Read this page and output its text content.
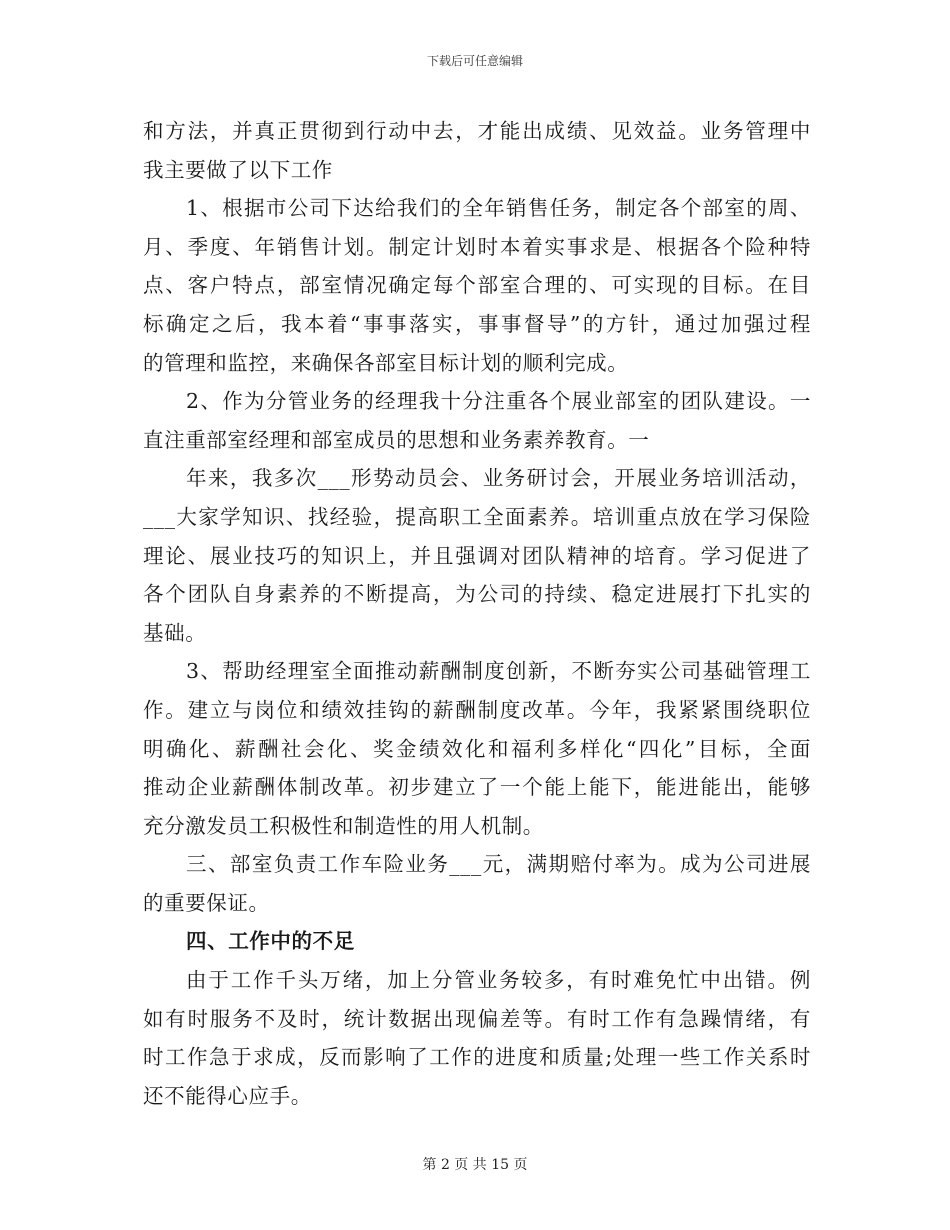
下载后可任意编辑
和方法，并真正贯彻到行动中去，才能出成绩、见效益。业务管理中
我主要做了以下工作
1、根据市公司下达给我们的全年销售任务，制定各个部室的周、
月、季度、年销售计划。制定计划时本着实事求是、根据各个险种特
点、客户特点，部室情况确定每个部室合理的、可实现的目标。在目
标确定之后，我本着“事事落实，事事督导”的方针，通过加强过程
的管理和监控，来确保各部室目标计划的顺利完成。
2、作为分管业务的经理我十分注重各个展业部室的团队建设。一
直注重部室经理和部室成员的思想和业务素养教育。一
年来，我多次___形势动员会、业务研讨会，开展业务培训活动，
___大家学知识、找经验，提高职工全面素养。培训重点放在学习保险
理论、展业技巧的知识上，并且强调对团队精神的培育。学习促进了
各个团队自身素养的不断提高，为公司的持续、稳定进展打下扎实的
基础。
3、帮助经理室全面推动薪酬制度创新，不断夯实公司基础管理工
作。建立与岗位和绩效挂钩的薪酬制度改革。今年，我紧紧围绕职位
明确化、薪酬社会化、奖金绩效化和福利多样化“四化”目标，全面
推动企业薪酬体制改革。初步建立了一个能上能下，能进能出，能够
充分激发员工积极性和制造性的用人机制。
三、部室负责工作车险业务___元，满期赔付率为。成为公司进展
的重要保证。
四、工作中的不足
由于工作千头万绪，加上分管业务较多，有时难免忙中出错。例
如有时服务不及时，统计数据出现偏差等。有时工作有急躁情绪，有
时工作急于求成，反而影响了工作的进度和质量;处理一些工作关系时
还不能得心应手。
第 2 页 共 15 页
